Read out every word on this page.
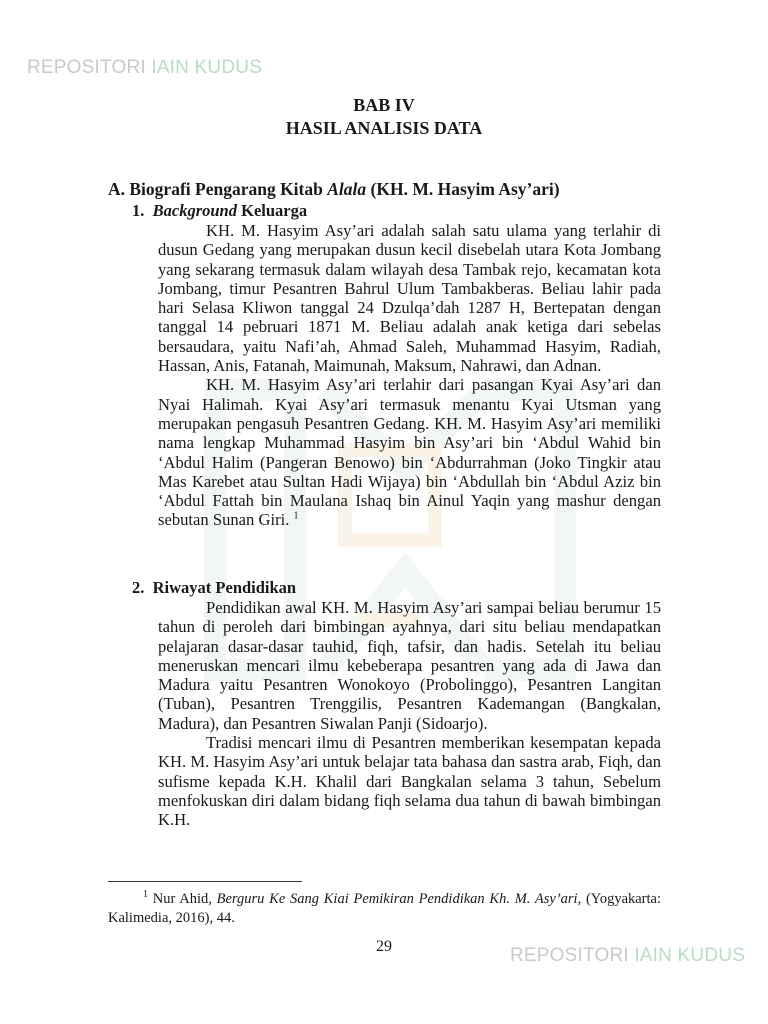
REPOSITORI IAIN KUDUS
BAB IV
HASIL ANALISIS DATA
A. Biografi Pengarang Kitab Alala (KH. M. Hasyim Asy’ari)
1. Background Keluarga

KH. M. Hasyim Asy’ari adalah salah satu ulama yang terlahir di dusun Gedang yang merupakan dusun kecil disebelah utara Kota Jombang yang sekarang termasuk dalam wilayah desa Tambak rejo, kecamatan kota Jombang, timur Pesantren Bahrul Ulum Tambakberas. Beliau lahir pada hari Selasa Kliwon tanggal 24 Dzulqa’dah 1287 H, Bertepatan dengan tanggal 14 pebruari 1871 M. Beliau adalah anak ketiga dari sebelas bersaudara, yaitu Nafi’ah, Ahmad Saleh, Muhammad Hasyim, Radiah, Hassan, Anis, Fatanah, Maimunah, Maksum, Nahrawi, dan Adnan.

KH. M. Hasyim Asy’ari terlahir dari pasangan Kyai Asy’ari dan Nyai Halimah. Kyai Asy’ari termasuk menantu Kyai Utsman yang merupakan pengasuh Pesantren Gedang. KH. M. Hasyim Asy’ari memiliki nama lengkap Muhammad Hasyim bin Asy’ari bin ‘Abdul Wahid bin ‘Abdul Halim (Pangeran Benowo) bin ‘Abdurrahman (Joko Tingkir atau Mas Karebet atau Sultan Hadi Wijaya) bin ‘Abdullah bin ‘Abdul Aziz bin ‘Abdul Fattah bin Maulana Ishaq bin Ainul Yaqin yang mashur dengan sebutan Sunan Giri. $^1$

2. Riwayat Pendidikan

Pendidikan awal KH. M. Hasyim Asy’ari sampai beliau berumur 15 tahun di peroleh dari bimbingan ayahnya, dari situ beliau mendapatkan pelajaran dasar-dasar tauhid, fiqh, tafsir, dan hadis. Setelah itu beliau meneruskan mencari ilmu kebeberapa pesantren yang ada di Jawa dan Madura yaitu Pesantren Wonokoyo (Probolinggo), Pesantren Langitan (Tuban), Pesantren Trenggilis, Pesantren Kademangan (Bangkalan, Madura), dan Pesantren Siwalan Panji (Sidoarjo).

Tradisi mencari ilmu di Pesantren memberikan kesempatan kepada KH. M. Hasyim Asy’ari untuk belajar tata bahasa dan sastra arab, Fiqh, dan sufisme kepada K.H. Khalil dari Bangkalan selama 3 tahun, Sebelum menfokuskan diri dalam bidang fiqh selama dua tahun di bawah bimbingan K.H.

$^1$ Nur Ahid, Berguru Ke Sang Kiai Pemikiran Pendidikan Kh. M. Asy’ari, (Yogyakarta: Kalimedia, 2016), 44.
29	REPOSITORI IAIN KUDUS
